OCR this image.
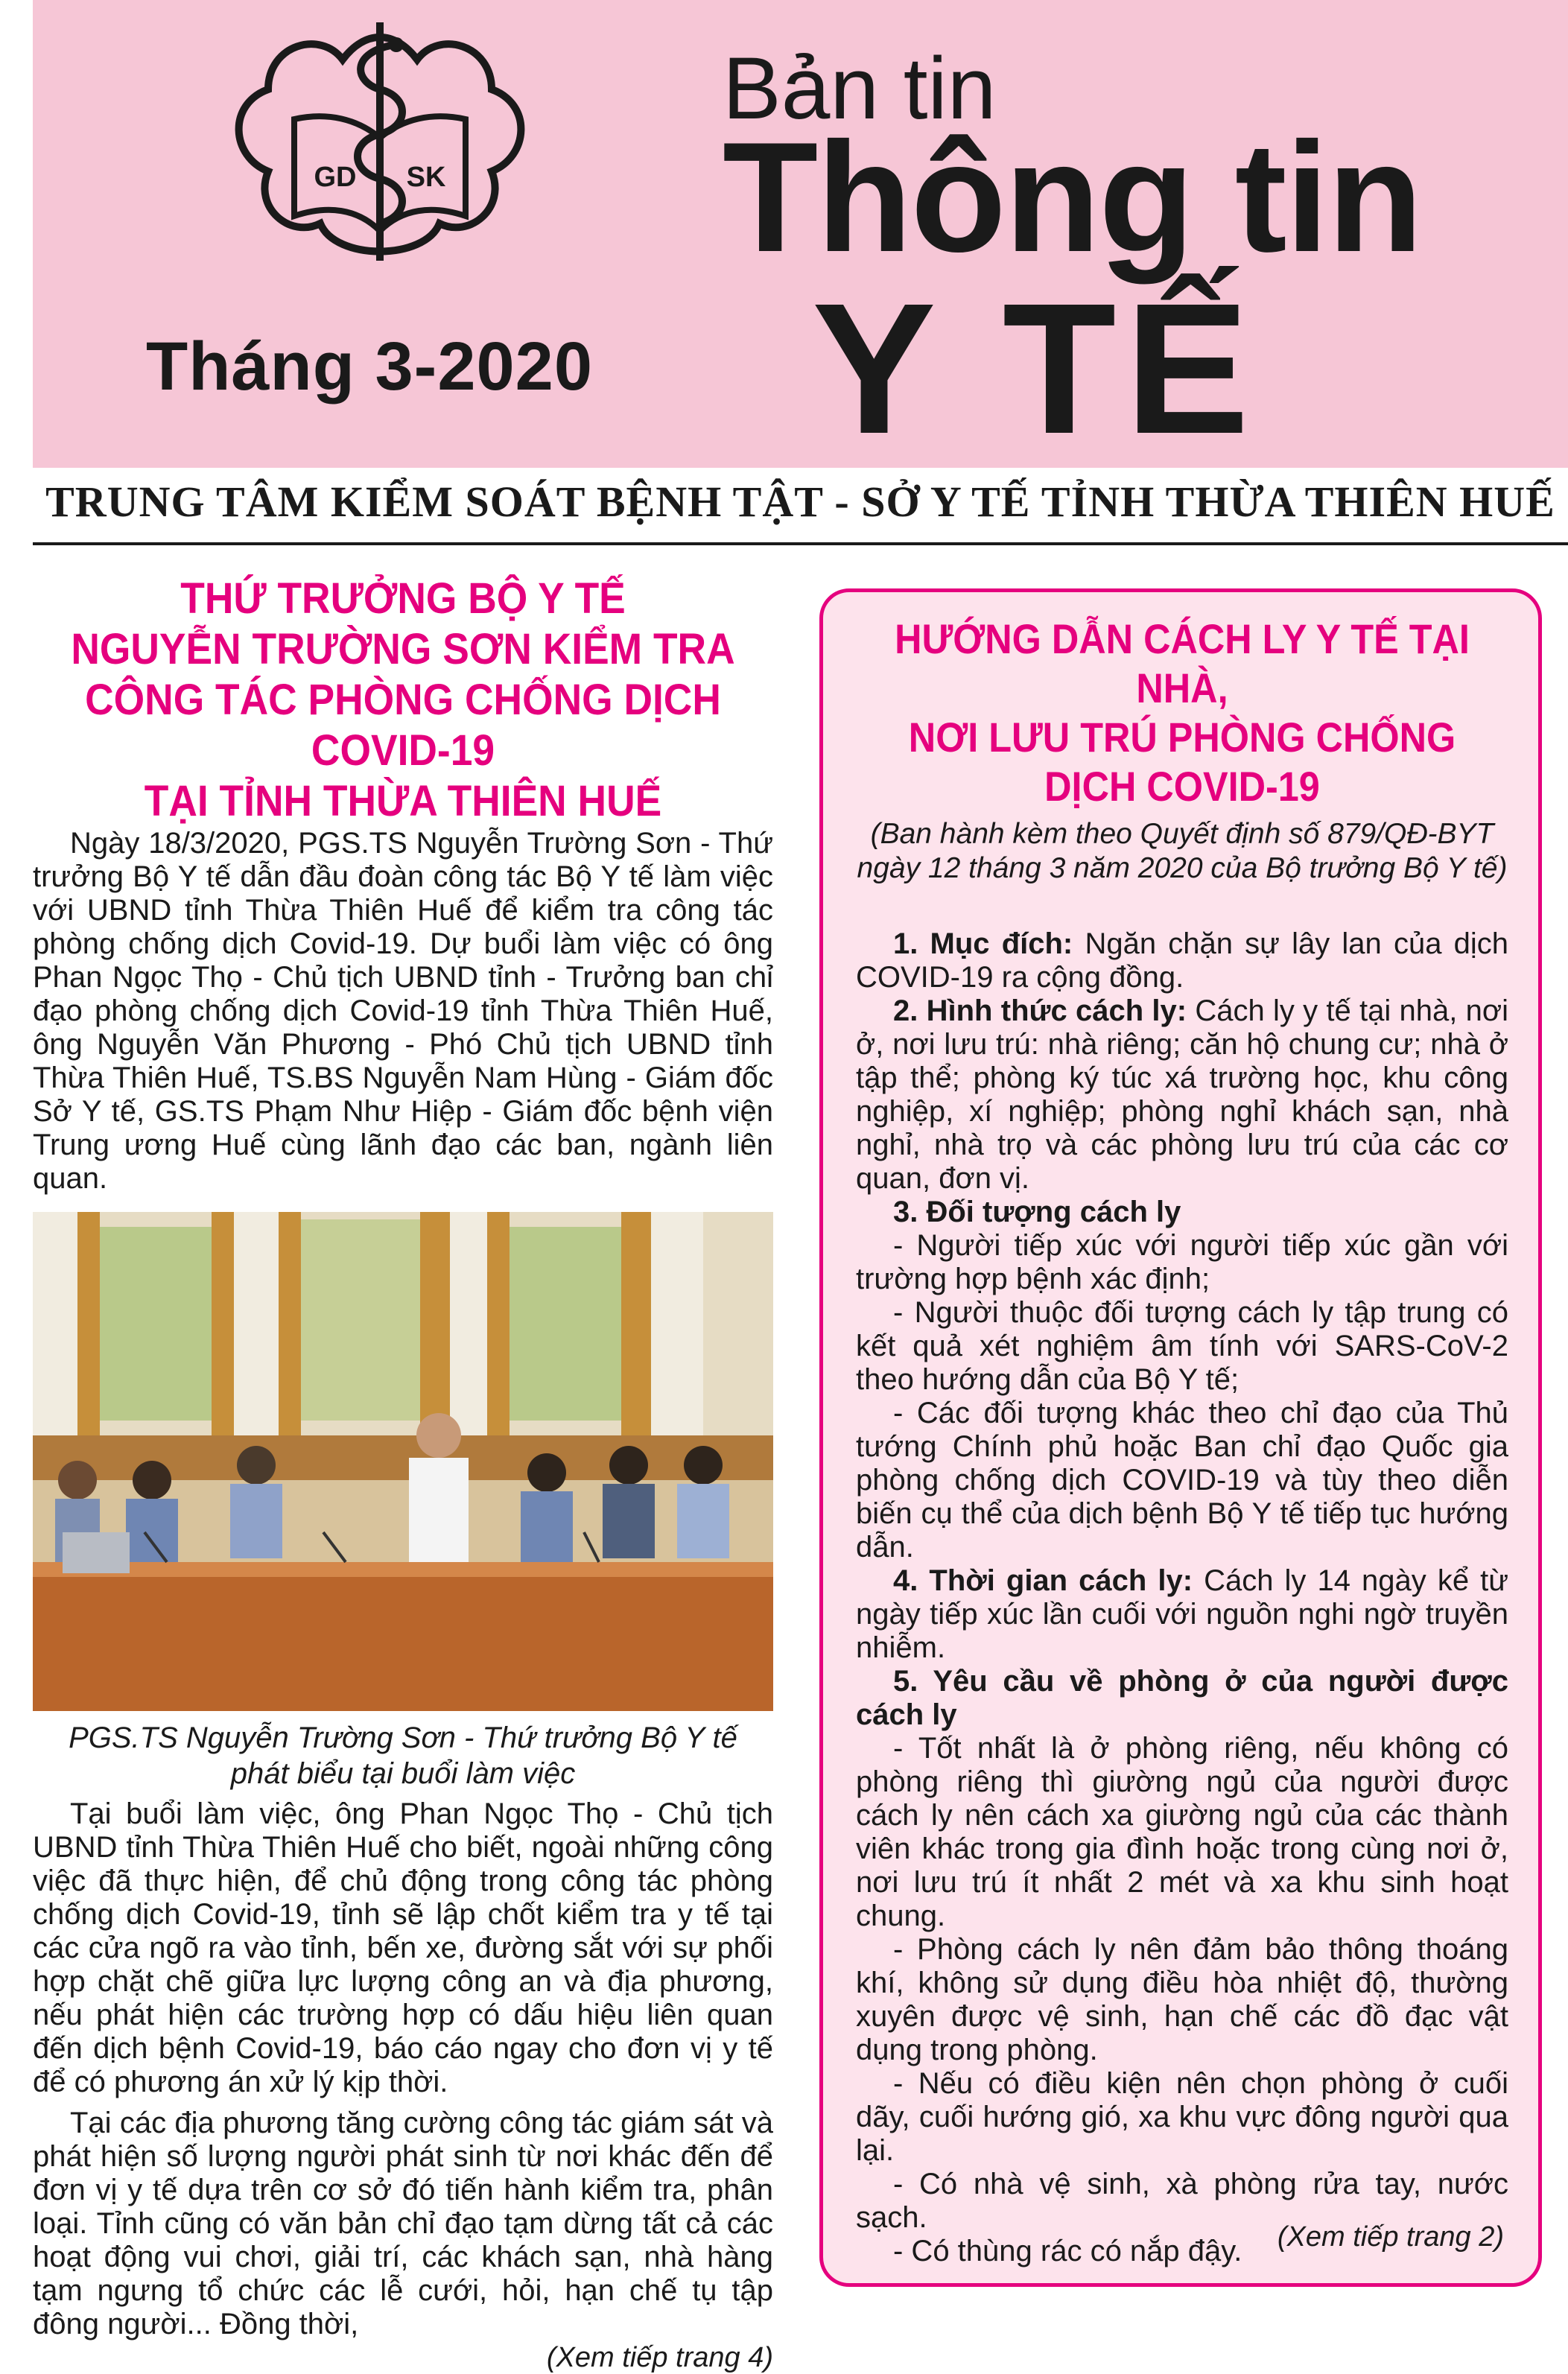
GD SK
Tháng 3-2020
Bản tin
Thông tin
Y TẾ
TRUNG TÂM KIỂM SOÁT BỆNH TẬT - SỞ Y TẾ TỈNH THỪA THIÊN HUẾ
THỨ TRƯỞNG BỘ Y TẾ
NGUYỄN TRƯỜNG SƠN KIỂM TRA
CÔNG TÁC PHÒNG CHỐNG DỊCH COVID-19
TẠI TỈNH THỪA THIÊN HUẾ

Ngày 18/3/2020, PGS.TS Nguyễn Trường Sơn - Thứ trưởng Bộ Y tế dẫn đầu đoàn công tác Bộ Y tế làm việc với UBND tỉnh Thừa Thiên Huế để kiểm tra công tác phòng chống dịch Covid-19. Dự buổi làm việc có ông Phan Ngọc Thọ - Chủ tịch UBND tỉnh - Trưởng ban chỉ đạo phòng chống dịch Covid-19 tỉnh Thừa Thiên Huế, ông Nguyễn Văn Phương - Phó Chủ tịch UBND tỉnh Thừa Thiên Huế, TS.BS Nguyễn Nam Hùng - Giám đốc Sở Y tế, GS.TS Phạm Như Hiệp - Giám đốc bệnh viện Trung ương Huế cùng lãnh đạo các ban, ngành liên quan.

PGS.TS Nguyễn Trường Sơn - Thứ trưởng Bộ Y tế
phát biểu tại buổi làm việc

Tại buổi làm việc, ông Phan Ngọc Thọ - Chủ tịch UBND tỉnh Thừa Thiên Huế cho biết, ngoài những công việc đã thực hiện, để chủ động trong công tác phòng chống dịch Covid-19, tỉnh sẽ lập chốt kiểm tra y tế tại các cửa ngõ ra vào tỉnh, bến xe, đường sắt với sự phối hợp chặt chẽ giữa lực lượng công an và địa phương, nếu phát hiện các trường hợp có dấu hiệu liên quan đến dịch bệnh Covid-19, báo cáo ngay cho đơn vị y tế để có phương án xử lý kịp thời.

Tại các địa phương tăng cường công tác giám sát và phát hiện số lượng người phát sinh từ nơi khác đến để đơn vị y tế dựa trên cơ sở đó tiến hành kiểm tra, phân loại. Tỉnh cũng có văn bản chỉ đạo tạm dừng tất cả các hoạt động vui chơi, giải trí, các khách sạn, nhà hàng tạm ngưng tổ chức các lễ cưới, hỏi, hạn chế tụ tập đông người... Đồng thời,

(Xem tiếp trang 4)
HƯỚNG DẪN CÁCH LY Y TẾ TẠI NHÀ,
NƠI LƯU TRÚ PHÒNG CHỐNG DỊCH COVID-19
(Ban hành kèm theo Quyết định số 879/QĐ-BYT
ngày 12 tháng 3 năm 2020 của Bộ trưởng Bộ Y tế)

1. Mục đích: Ngăn chặn sự lây lan của dịch COVID-19 ra cộng đồng.

2. Hình thức cách ly: Cách ly y tế tại nhà, nơi ở, nơi lưu trú: nhà riêng; căn hộ chung cư; nhà ở tập thể; phòng ký túc xá trường học, khu công nghiệp, xí nghiệp; phòng nghỉ khách sạn, nhà nghỉ, nhà trọ và các phòng lưu trú của các cơ quan, đơn vị.

3. Đối tượng cách ly

- Người tiếp xúc với người tiếp xúc gần với trường hợp bệnh xác định;

- Người thuộc đối tượng cách ly tập trung có kết quả xét nghiệm âm tính với SARS-CoV-2 theo hướng dẫn của Bộ Y tế;

- Các đối tượng khác theo chỉ đạo của Thủ tướng Chính phủ hoặc Ban chỉ đạo Quốc gia phòng chống dịch COVID-19 và tùy theo diễn biến cụ thể của dịch bệnh Bộ Y tế tiếp tục hướng dẫn.

4. Thời gian cách ly: Cách ly 14 ngày kể từ ngày tiếp xúc lần cuối với nguồn nghi ngờ truyền nhiễm.

5. Yêu cầu về phòng ở của người được cách ly

- Tốt nhất là ở phòng riêng, nếu không có phòng riêng thì giường ngủ của người được cách ly nên cách xa giường ngủ của các thành viên khác trong gia đình hoặc trong cùng nơi ở, nơi lưu trú ít nhất 2 mét và xa khu sinh hoạt chung.

- Phòng cách ly nên đảm bảo thông thoáng khí, không sử dụng điều hòa nhiệt độ, thường xuyên được vệ sinh, hạn chế các đồ đạc vật dụng trong phòng.

- Nếu có điều kiện nên chọn phòng ở cuối dãy, cuối hướng gió, xa khu vực đông người qua lại.

- Có nhà vệ sinh, xà phòng rửa tay, nước sạch.

- Có thùng rác có nắp đậy.	(Xem tiếp trang 2)
